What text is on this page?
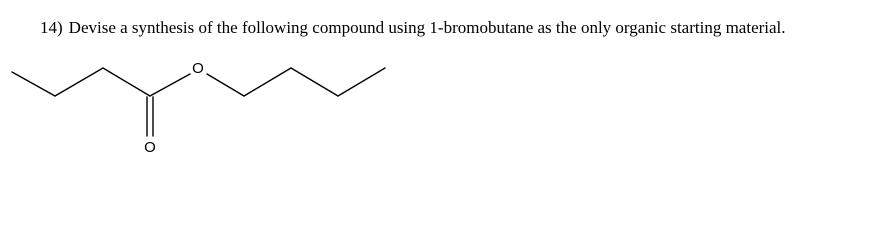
14) Devise a synthesis of the following compound using 1-bromobutane as the only organic starting material.

O
O
